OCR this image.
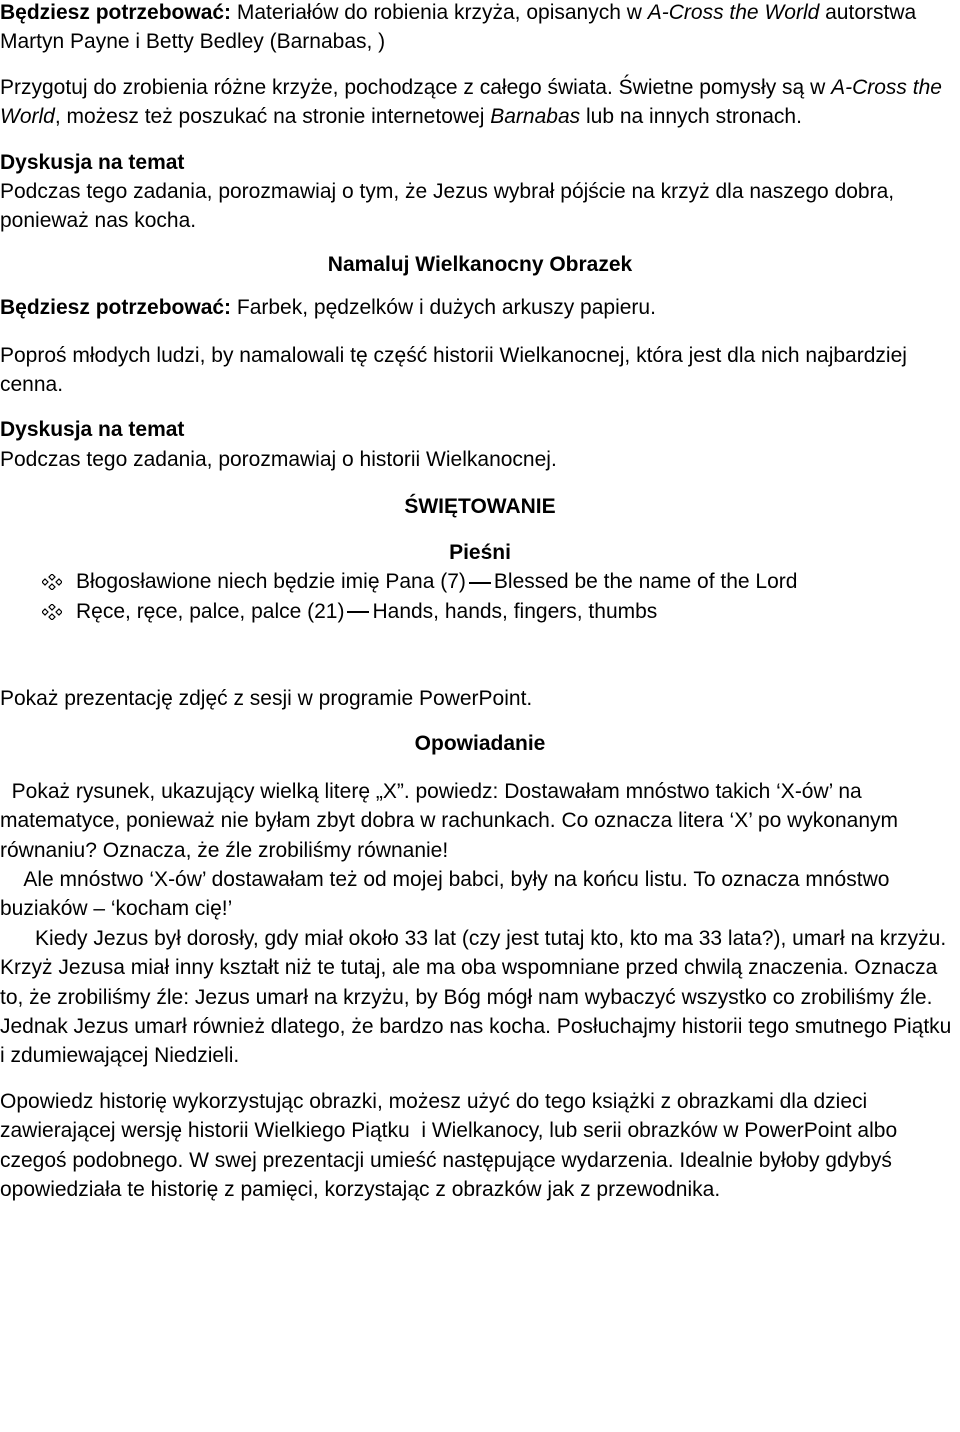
Będziesz potrzebować: Materiałów do robienia krzyża, opisanych w A-Cross the World autorstwa Martyn Payne i Betty Bedley (Barnabas, )

Przygotuj do zrobienia różne krzyże, pochodzące z całego świata. Świetne pomysły są w A-Cross the World, możesz też poszukać na stronie internetowej Barnabas lub na innych stronach.

Dyskusja na temat

Podczas tego zadania, porozmawiaj o tym, że Jezus wybrał pójście na krzyż dla naszego dobra, ponieważ nas kocha.

Namaluj Wielkanocny Obrazek

Będziesz potrzebować: Farbek, pędzelków i dużych arkuszy papieru.

Poproś młodych ludzi, by namalowali tę część historii Wielkanocnej, która jest dla nich najbardziej cenna.

Dyskusja na temat

Podczas tego zadania, porozmawiaj o historii Wielkanocnej.

ŚWIĘTOWANIE

Pieśni

Błogosławione niech będzie imię Pana (7) Blessed be the name of the Lord

Ręce, ręce, palce, palce (21) Hands, hands, fingers, thumbs

Pokaż prezentację zdjęć z sesji w programie PowerPoint.

Opowiadanie

Pokaż rysunek, ukazujący wielką literę „X”. powiedz: Dostawałam mnóstwo takich ‘X-ów’ na matematyce, ponieważ nie byłam zbyt dobra w rachunkach. Co oznacza litera ‘X’ po wykonanym równaniu? Oznacza, że źle zrobiliśmy równanie!

Ale mnóstwo ‘X-ów’ dostawałam też od mojej babci, były na końcu listu. To oznacza mnóstwo buziaków – ‘kocham cię!’

Kiedy Jezus był dorosły, gdy miał około 33 lat (czy jest tutaj kto, kto ma 33 lata?), umarł na krzyżu. Krzyż Jezusa miał inny kształt niż te tutaj, ale ma oba wspomniane przed chwilą znaczenia. Oznacza to, że zrobiliśmy źle: Jezus umarł na krzyżu, by Bóg mógł nam wybaczyć wszystko co zrobiliśmy źle. Jednak Jezus umarł również dlatego, że bardzo nas kocha. Posłuchajmy historii tego smutnego Piątku i zdumiewającej Niedzieli.

Opowiedz historię wykorzystując obrazki, możesz użyć do tego książki z obrazkami dla dzieci zawierającej wersję historii Wielkiego Piątku  i Wielkanocy, lub serii obrazków w PowerPoint albo czegoś podobnego. W swej prezentacji umieść następujące wydarzenia. Idealnie byłoby gdybyś opowiedziała te historię z pamięci, korzystając z obrazków jak z przewodnika.
